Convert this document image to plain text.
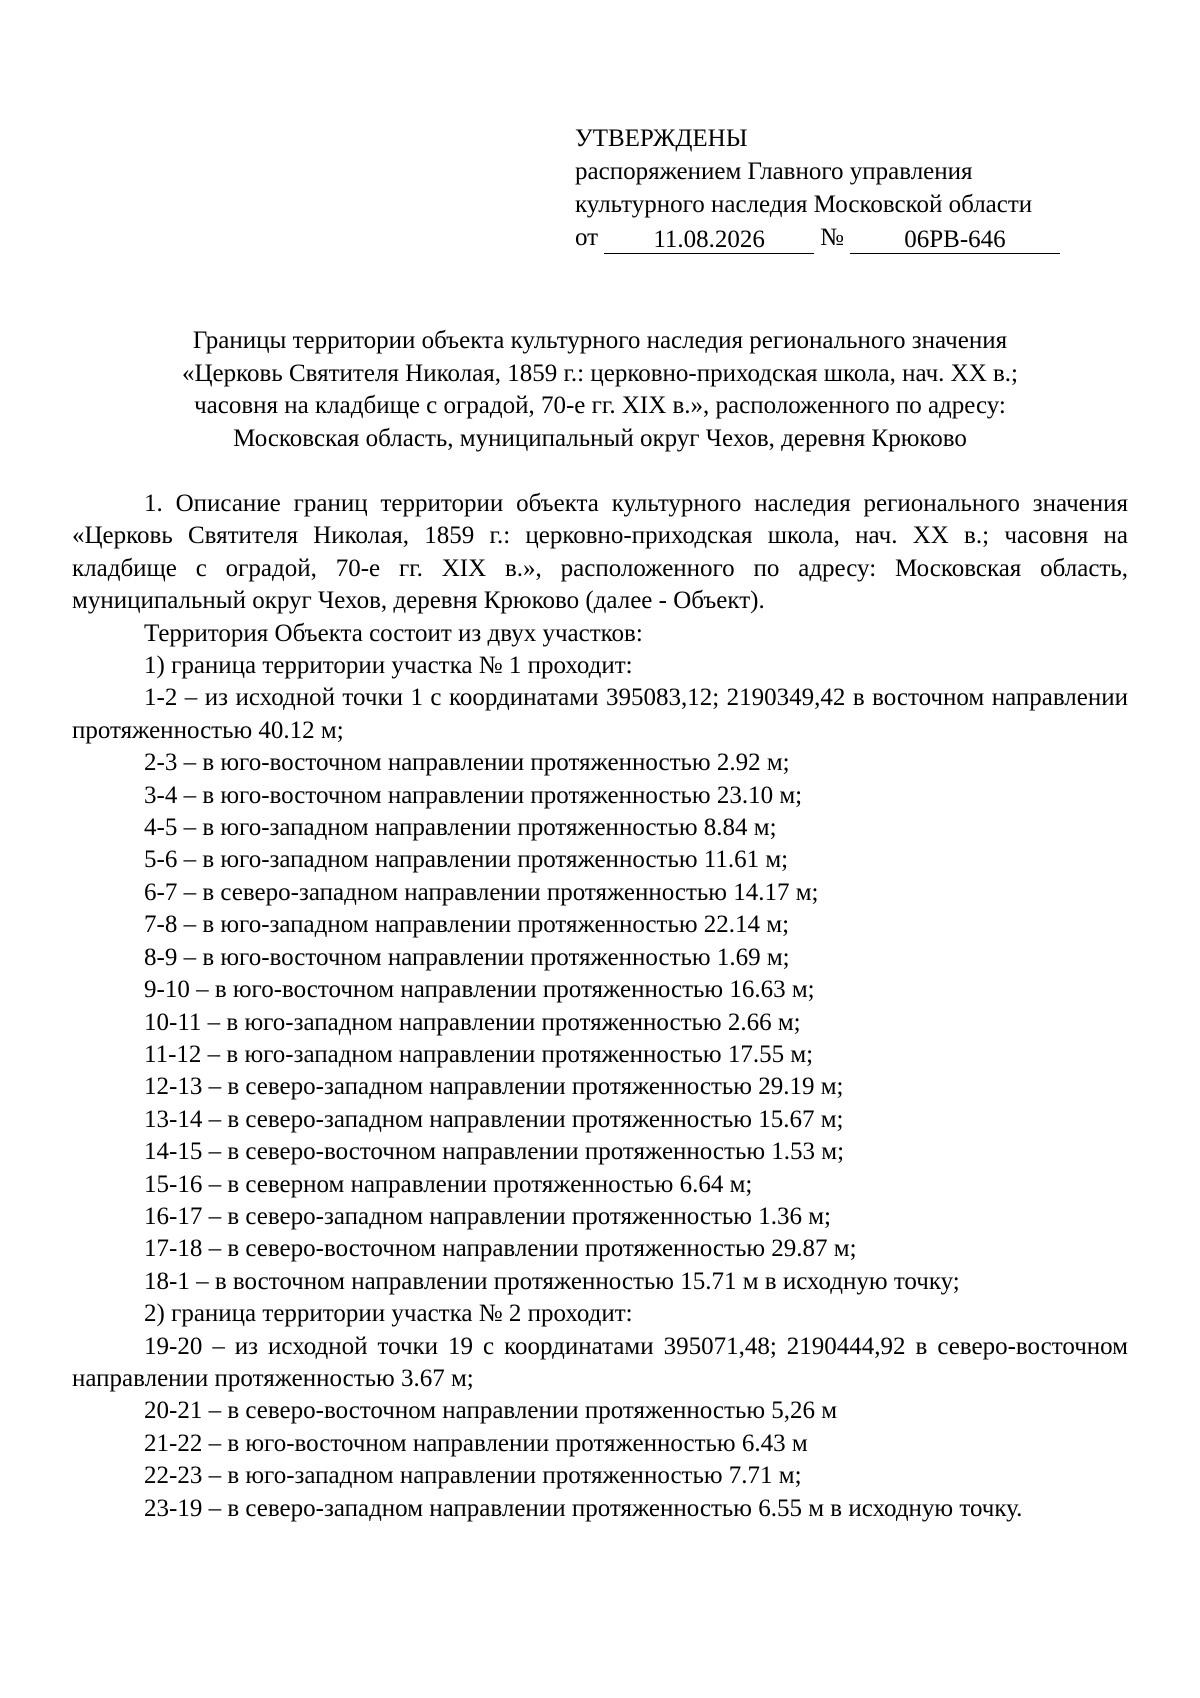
УТВЕРЖДЕНЫ
распоряжением Главного управления
культурного наследия Московской области
от	11.08.2026	№	06РВ-646
Границы территории объекта культурного наследия регионального значения
«Церковь Святителя Николая, 1859 г.: церковно-приходская школа, нач. XX в.;
часовня на кладбище с оградой, 70-е гг. XIX в.», расположенного по адресу:
Московская область, муниципальный округ Чехов, деревня Крюково

1. Описание границ территории объекта культурного наследия регионального значения «Церковь Святителя Николая, 1859 г.: церковно-приходская школа, нач. XX в.; часовня на кладбище с оградой, 70-е гг. XIX в.», расположенного по адресу: Московская область, муниципальный округ Чехов, деревня Крюково (далее - Объект).

Территория Объекта состоит из двух участков:
1) граница территории участка № 1 проходит:

1-2 – из исходной точки 1 с координатами 395083,12; 2190349,42 в восточном направлении протяженностью 40.12 м;

2-3 – в юго-восточном направлении протяженностью 2.92 м;
3-4 – в юго-восточном направлении протяженностью 23.10 м;
4-5 – в юго-западном направлении протяженностью 8.84 м;
5-6 – в юго-западном направлении протяженностью 11.61 м;
6-7 – в северо-западном направлении протяженностью 14.17 м;
7-8 – в юго-западном направлении протяженностью 22.14 м;
8-9 – в юго-восточном направлении протяженностью 1.69 м;
9-10 – в юго-восточном направлении протяженностью 16.63 м;
10-11 – в юго-западном направлении протяженностью 2.66 м;
11-12 – в юго-западном направлении протяженностью 17.55 м;
12-13 – в северо-западном направлении протяженностью 29.19 м;
13-14 – в северо-западном направлении протяженностью 15.67 м;
14-15 – в северо-восточном направлении протяженностью 1.53 м;
15-16 – в северном направлении протяженностью 6.64 м;
16-17 – в северо-западном направлении протяженностью 1.36 м;
17-18 – в северо-восточном направлении протяженностью 29.87 м;
18-1 – в восточном направлении протяженностью 15.71 м в исходную точку;
2) граница территории участка № 2 проходит:

19-20 – из исходной точки 19 с координатами 395071,48; 2190444,92 в северо-восточном направлении протяженностью 3.67 м;

20-21 – в северо-восточном направлении протяженностью 5,26 м
21-22 – в юго-восточном направлении протяженностью 6.43 м
22-23 – в юго-западном направлении протяженностью 7.71 м;
23-19 – в северо-западном направлении протяженностью 6.55 м в исходную точку.
